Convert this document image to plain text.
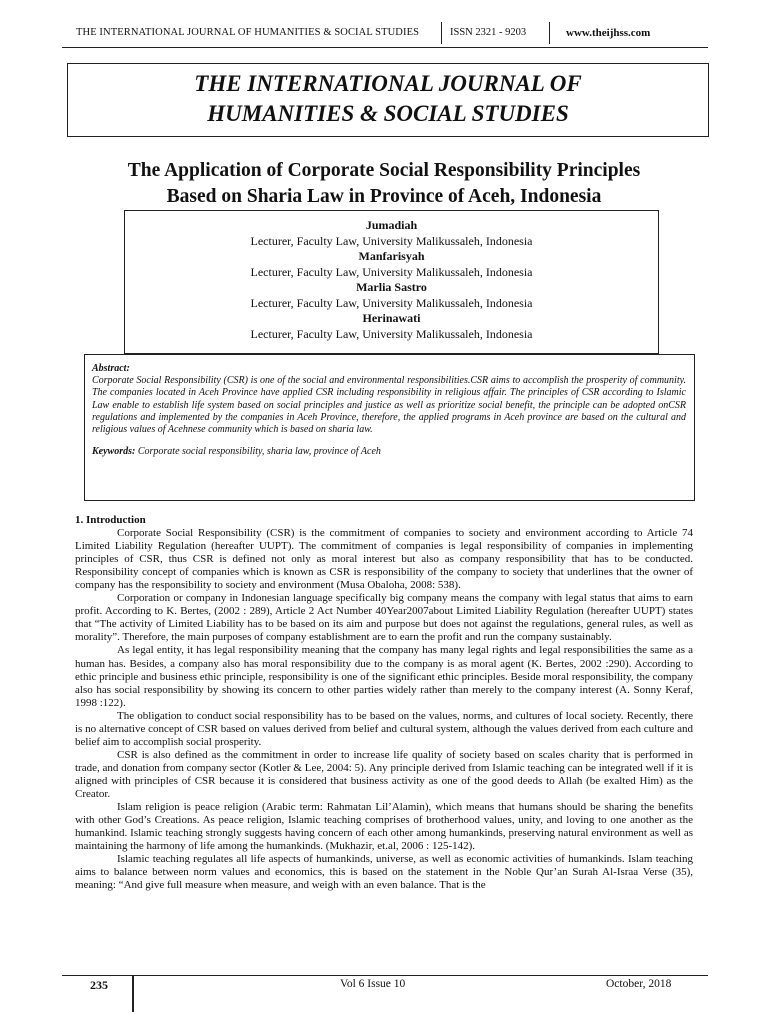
THE INTERNATIONAL JOURNAL OF HUMANITIES & SOCIAL STUDIES	ISSN 2321 - 9203	www.theijhss.com
THE INTERNATIONAL JOURNAL OF
HUMANITIES & SOCIAL STUDIES
The Application of Corporate Social Responsibility Principles
Based on Sharia Law in Province of Aceh, Indonesia
Jumadiah
Lecturer, Faculty Law, University Malikussaleh, Indonesia
Manfarisyah
Lecturer, Faculty Law, University Malikussaleh, Indonesia
Marlia Sastro
Lecturer, Faculty Law, University Malikussaleh, Indonesia
Herinawati
Lecturer, Faculty Law, University Malikussaleh, Indonesia
Abstract:
Corporate Social Responsibility (CSR) is one of the social and environmental responsibilities.CSR aims to accomplish the prosperity of community. The companies located in Aceh Province have applied CSR including responsibility in religious affair. The principles of CSR according to Islamic Law enable to establish life system based on social principles and justice as well as prioritize social benefit, the principle can be adopted onCSR regulations and implemented by the companies in Aceh Province, therefore, the applied programs in Aceh province are based on the cultural and religious values of Acehnese community which is based on sharia law.
Keywords: Corporate social responsibility, sharia law, province of Aceh
1. Introduction

Corporate Social Responsibility (CSR) is the commitment of companies to society and environment according to Article 74 Limited Liability Regulation (hereafter UUPT). The commitment of companies is legal responsibility of companies in implementing principles of CSR, thus CSR is defined not only as moral interest but also as company responsibility that has to be conducted. Responsibility concept of companies which is known as CSR is responsibility of the company to society that underlines that the owner of company has the responsibility to society and environment (Musa Obaloha, 2008: 538).

Corporation or company in Indonesian language specifically big company means the company with legal status that aims to earn profit. According to K. Bertes, (2002 : 289), Article 2 Act Number 40Year2007about Limited Liability Regulation (hereafter UUPT) states that “The activity of Limited Liability has to be based on its aim and purpose but does not against the regulations, general rules, as well as morality”. Therefore, the main purposes of company establishment are to earn the profit and run the company sustainably.

As legal entity, it has legal responsibility meaning that the company has many legal rights and legal responsibilities the same as a human has. Besides, a company also has moral responsibility due to the company is as moral agent (K. Bertes, 2002 :290). According to ethic principle and business ethic principle, responsibility is one of the significant ethic principles. Beside moral responsibility, the company also has social responsibility by showing its concern to other parties widely rather than merely to the company interest (A. Sonny Keraf, 1998 :122).

The obligation to conduct social responsibility has to be based on the values, norms, and cultures of local society. Recently, there is no alternative concept of CSR based on values derived from belief and cultural system, although the values derived from each culture and belief aim to accomplish social prosperity.

CSR is also defined as the commitment in order to increase life quality of society based on scales charity that is performed in trade, and donation from company sector (Kotler & Lee, 2004: 5). Any principle derived from Islamic teaching can be integrated well if it is aligned with principles of CSR because it is considered that business activity as one of the good deeds to Allah (be exalted Him) as the Creator.

Islam religion is peace religion (Arabic term: Rahmatan Lil’Alamin), which means that humans should be sharing the benefits with other God’s Creations. As peace religion, Islamic teaching comprises of brotherhood values, unity, and loving to one another as the humankind. Islamic teaching strongly suggests having concern of each other among humankinds, preserving natural environment as well as maintaining the harmony of life among the humankinds. (Mukhazir, et.al, 2006 : 125-142).

Islamic teaching regulates all life aspects of humankinds, universe, as well as economic activities of humankinds. Islam teaching aims to balance between norm values and economics, this is based on the statement in the Noble Qur’an Surah Al-Israa Verse (35), meaning: “And give full measure when measure, and weigh with an even balance. That is the

235	Vol 6 Issue 10	October, 2018
